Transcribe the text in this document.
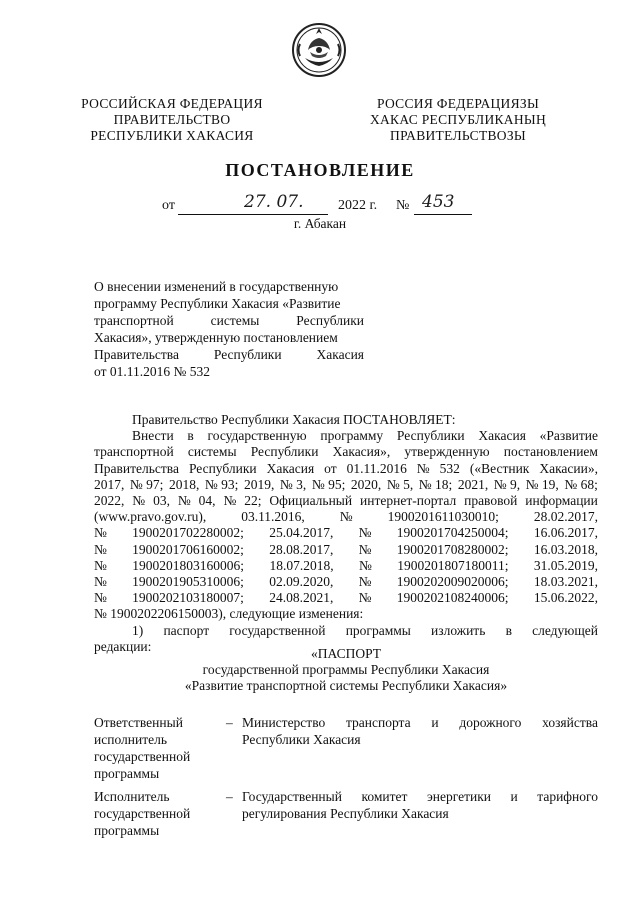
РОССИЙСКАЯ ФЕДЕРАЦИЯ
ПРАВИТЕЛЬСТВО
РЕСПУБЛИКИ ХАКАСИЯ
РОССИЯ ФЕДЕРАЦИЯЗЫ
ХАКАС РЕСПУБЛИКАНЫҢ
ПРАВИТЕЛЬСТВОЗЫ
ПОСТАНОВЛЕНИЕ
от	27. 07. 2022 г. № 453
г. Абакан
О внесении изменений в государственную
программу Республики Хакасия «Развитие
транспортной	системы	Республики
Хакасия», утвержденную постановлением
Правительства	Республики	Хакасия
от 01.11.2016 № 532
Правительство Республики Хакасия ПОСТАНОВЛЯЕТ:
Внести в государственную программу Республики Хакасия «Развитие
транспортной системы Республики Хакасия», утвержденную постановлением
Правительства Республики Хакасия от 01.11.2016 № 532 («Вестник Хакасии»,
2017, № 97; 2018, № 93; 2019, № 3, № 95; 2020, № 5, № 18; 2021, № 9, № 19, № 68;
2022, № 03, № 04, № 22; Официальный интернет-портал правовой информации
(www.pravo.gov.ru),	03.11.2016,	№	1900201611030010;	28.02.2017,
№ 1900201702280002; 25.04.2017, № 1900201704250004; 16.06.2017,
№ 1900201706160002; 28.08.2017, № 1900201708280002; 16.03.2018,
№ 1900201803160006; 18.07.2018, № 1900201807180011; 31.05.2019,
№ 1900201905310006; 02.09.2020, № 1900202009020006; 18.03.2021,
№ 1900202103180007; 24.08.2021, № 1900202108240006; 15.06.2022,
№ 1900202206150003), следующие изменения:
1) паспорт государственной программы изложить в следующей
редакции:	«ПАСПОРТ
государственной программы Республики Хакасия
«Развитие транспортной системы Республики Хакасия»
Ответственный
исполнитель
государственной
программы
– Министерство транспорта и дорожного хозяйства
Республики Хакасия
Исполнитель
государственной
программы
– Государственный комитет энергетики и тарифного
регулирования Республики Хакасия
